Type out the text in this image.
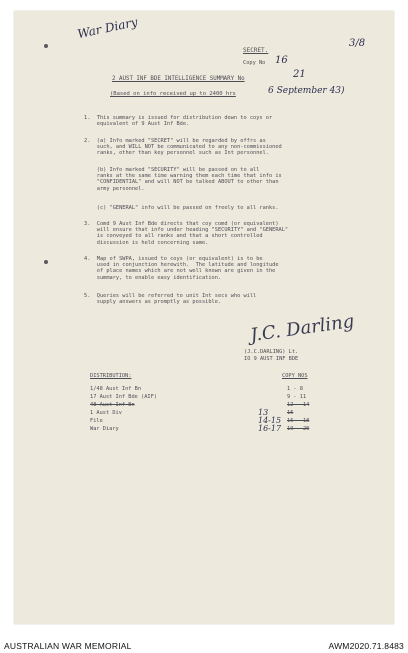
War Diary
3/8
SECRET.
Copy No 16
2 AUST INF BDE INTELLIGENCE SUMMARY No	21
(Based on info received up to 2400 hrs	6 September 43)
1.  This summary is issued for distribution down to coys or
equivalent of 9 Aust Inf Bde.
2.  (a) Info marked "SECRET" will be regarded by offrs as
such, and WILL NOT be communicated to any non-commissioned
ranks, other than key personnel such as Int personnel.
(b) Info marked "SECURITY" will be passed on to all
ranks at the same time warning them each time that info is
"CONFIDENTIAL" and will NOT be talked ABOUT to other than
army personnel.
(c) "GENERAL" info will be passed on freely to all ranks.
3.  Comd 9 Aust Inf Bde directs that coy comd (or equivalent)
will ensure that info under heading "SECURITY" and "GENERAL"
is conveyed to all ranks and that a short controlled
discussion is held concerning same.
4.  Map of SWPA, issued to coys (or equivalent) is to be
used in conjunction herewith.  The latitude and longitude
of place names which are not well known are given in the
summary, to enable easy identification.
5.  Queries will be referred to unit Int secs who will
supply answers as promptly as possible.
J.C. Darling
(J.C.DARLING) Lt.
IO 9 AUST INF BDE
DISTRIBUTION:	COPY NOS
1/48 Aust Inf Bn	1 - 8
17 Aust Inf Bde (AIF)	9 - 11
48 Aust Inf Bn	12 - 14
1 Aust Div	15
13
File	16 - 18
14-15
War Diary	19 - 20
16-17
AUSTRALIAN WAR MEMORIAL	AWM2020.71.8483
